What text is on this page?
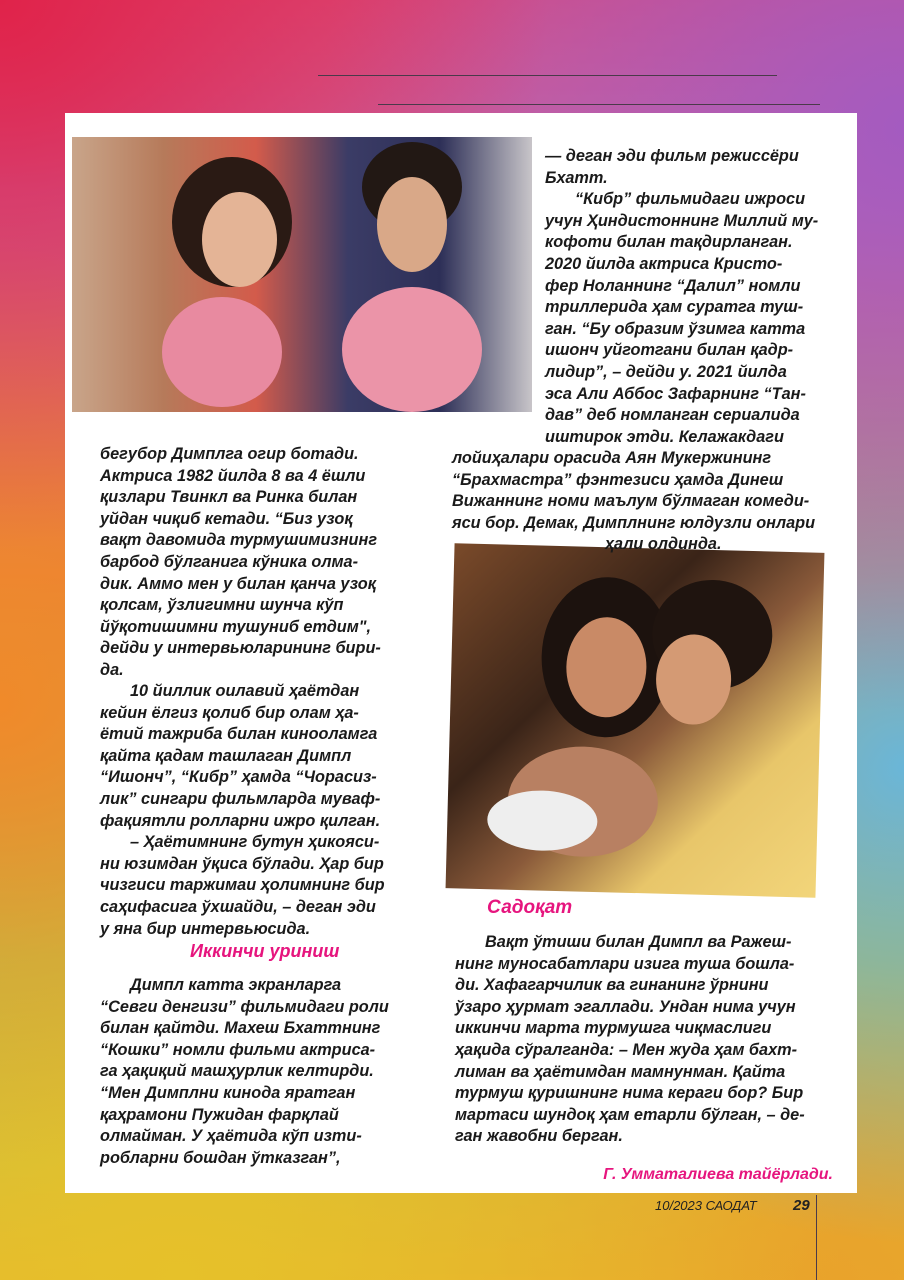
бегубор Димплга огир ботади.
Актриса 1982 йилда 8 ва 4 ёшли
қизлари Твинкл ва Ринка билан
уйдан чиқиб кетади. “Биз узоқ
вақт давомида турмушимизнинг
барбод бўлганига кўника олма-
дик. Аммо мен у билан қанча узоқ
қолсам, ўзлигимни шунча кўп
йўқотишимни тушуниб етдим",
дейди у интервьюларининг бири-
да.
10 йиллик оилавий ҳаётдан
кейин ёлгиз қолиб бир олам ҳа-
ётий тажриба билан кинооламга
қайта қадам ташлаган Димпл
“Ишонч”, “Кибр” ҳамда “Чорасиз-
лик” сингари фильмларда муваф-
фақиятли ролларни ижро қилган.
– Ҳаётимнинг бутун ҳикояси-
ни юзимдан ўқиса бўлади. Ҳар бир
чизгиси таржимаи ҳолимнинг бир
саҳифасига ўхшайди, – деган эди
у яна бир интервьюсида.
Иккинчи уриниш
Димпл катта экранларга
“Севги денгизи” фильмидаги роли
билан қайтди. Махеш Бхаттнинг
“Кошки” номли фильми актриса-
га ҳақиқий машҳурлик келтирди.
“Мен Димплни кинода яратган
қаҳрамони Пужидан фарқлай
олмайман. У ҳаётида кўп изти-
робларни бошдан ўтказган”,
— деган эди фильм режиссёри
Бхатт.
“Кибр” фильмидаги ижроси
учун Ҳиндистоннинг Миллий му-
кофоти билан тақдирланган.
2020 йилда актриса Кристо-
фер Ноланнинг “Далил” номли
триллерида ҳам суратга туш-
ган. “Бу образим ўзимга катта
ишонч уйготгани билан қадр-
лидир”, – дейди у. 2021 йилда
эса Али Аббос Зафарнинг “Тан-
дав” деб номланган сериалида
иштирок этди. Келажакдаги
лойиҳалари орасида Аян Мукержининг
“Брахмастра” фэнтезиси ҳамда Динеш
Вижаннинг номи маълум бўлмаган комеди-
яси бор. Демак, Димплнинг юлдузли онлари
ҳали олдинда.
Садоқат
Вақт ўтиши билан Димпл ва Ражеш-
нинг муносабатлари изига туша бошла-
ди. Хафагарчилик ва гинанинг ўрнини
ўзаро ҳурмат эгаллади. Ундан нима учун
иккинчи марта турмушга чиқмаслиги
ҳақида сўралганда: – Мен жуда ҳам бахт-
лиман ва ҳаётимдан мамнунман. Қайта
турмуш қуришнинг нима кераги бор? Бир
мартаси шундоқ ҳам етарли бўлган, – де-
ган жавобни берган.
Г. Умматалиева тайёрлади.
10/2023 САОДАТ 29
